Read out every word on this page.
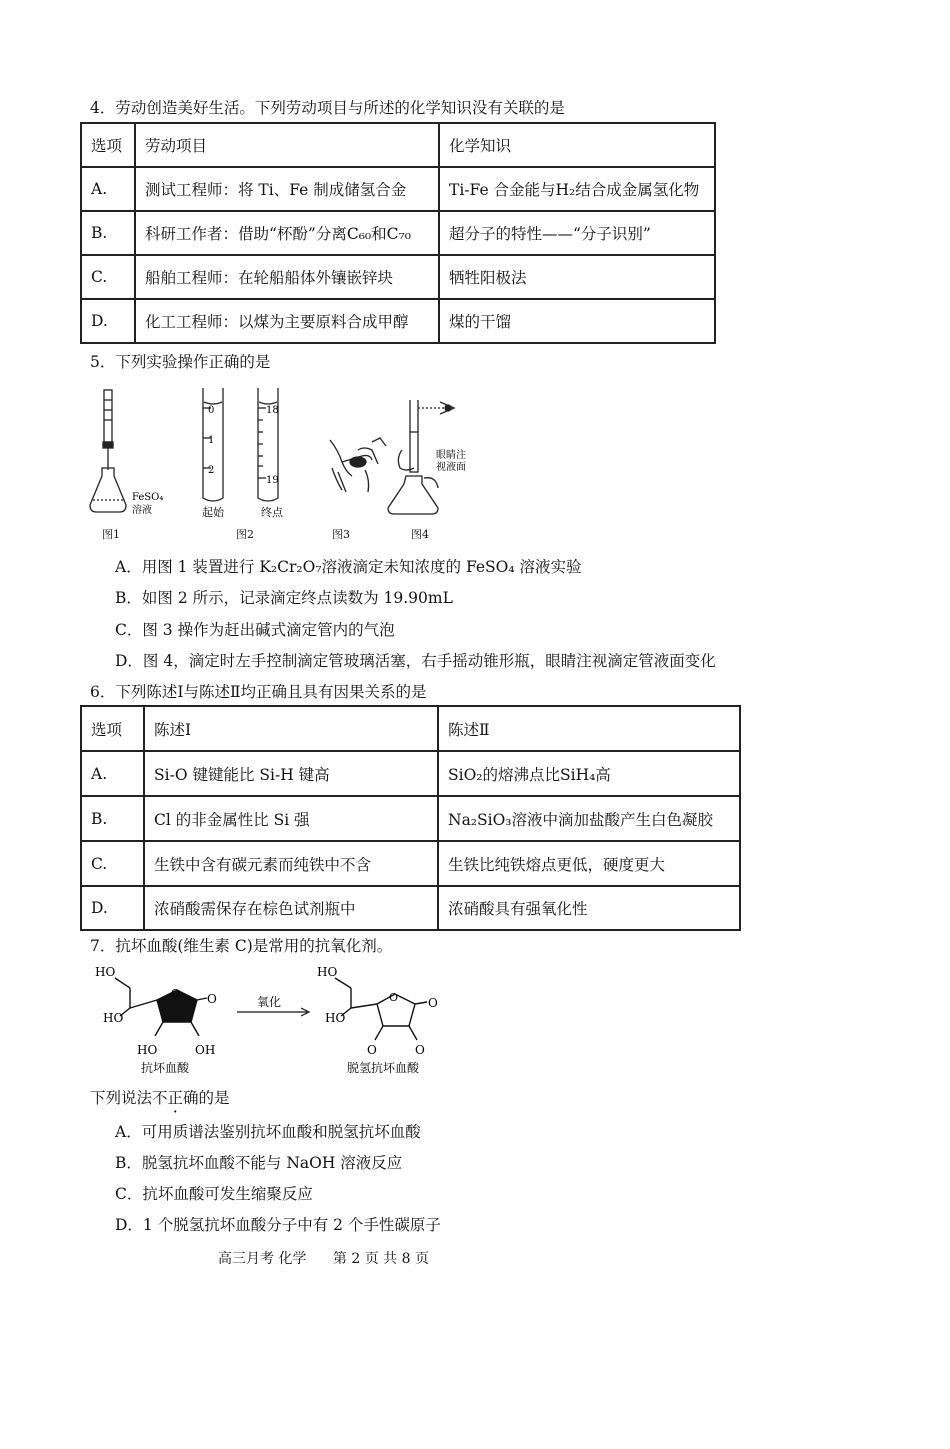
4．劳动创造美好生活。下列劳动项目与所述的化学知识没有关联的是
选项	劳动项目	化学知识
A.	测试工程师：将 Ti、Fe 制成储氢合金	Ti-Fe 合金能与H₂结合成金属氢化物
B.	科研工作者：借助“杯酚”分离C₆₀和C₇₀	超分子的特性——“分子识别”
C.	船舶工程师：在轮船船体外镶嵌锌块	牺牲阳极法
D.	化工工程师：以煤为主要原料合成甲醇	煤的干馏
5．下列实验操作正确的是
FeSO₄
溶液
0
1
2
18
19
起始	终点
眼睛注
视液面
图1	图2	图3	图4
A．用图 1 装置进行 K₂Cr₂O₇溶液滴定未知浓度的 FeSO₄ 溶液实验
B．如图 2 所示，记录滴定终点读数为 19.90mL
C．图 3 操作为赶出碱式滴定管内的气泡
D．图 4，滴定时左手控制滴定管玻璃活塞，右手摇动锥形瓶，眼睛注视滴定管液面变化
6．下列陈述Ⅰ与陈述Ⅱ均正确且具有因果关系的是
选项	陈述Ⅰ	陈述Ⅱ
A.	Si-O 键键能比 Si-H 键高	SiO₂的熔沸点比SiH₄高
B.	Cl 的非金属性比 Si 强	Na₂SiO₃溶液中滴加盐酸产生白色凝胶
C.	生铁中含有碳元素而纯铁中不含	生铁比纯铁熔点更低，硬度更大
D.	浓硝酸需保存在棕色试剂瓶中	浓硝酸具有强氧化性
7．抗坏血酸(维生素 C)是常用的抗氧化剂。
HO
HO
O O
HO	OH
抗坏血酸
氧化
HO
HO
O O
O	O
脱氢抗坏血酸
下列说法不正确的是
A．可用质谱法鉴别抗坏血酸和脱氢抗坏血酸
B．脱氢抗坏血酸不能与 NaOH 溶液反应
C．抗坏血酸可发生缩聚反应
D．1 个脱氢抗坏血酸分子中有 2 个手性碳原子
高三月考 化学 第 2 页 共 8 页
